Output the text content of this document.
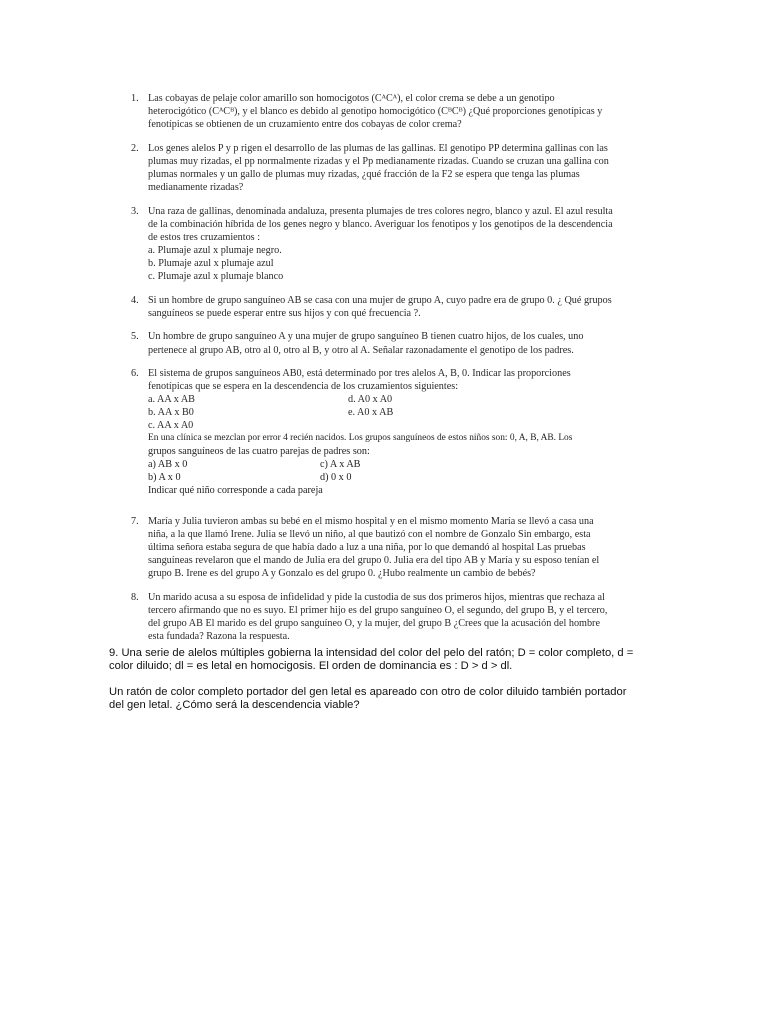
1. Las cobayas de pelaje color amarillo son homocigotos (CᴬCᴬ), el color crema se debe a un genotipo
heterocigótico (CᴬCᴮ), y el blanco es debido al genotipo homocigótico (CᴮCᴮ) ¿Qué proporciones genotípicas y
fenotípicas se obtienen de un cruzamiento entre dos cobayas de color crema?
2. Los genes alelos P y p rigen el desarrollo de las plumas de las gallinas. El genotipo PP determina gallinas con las
plumas muy rizadas, el pp normalmente rizadas y el Pp medianamente rizadas. Cuando se cruzan una gallina con
plumas normales y un gallo de plumas muy rizadas, ¿qué fracción de la F2 se espera que tenga las plumas
medianamente rizadas?
3. Una raza de gallinas, denominada andaluza, presenta plumajes de tres colores negro, blanco y azul. El azul resulta
de la combinación híbrida de los genes negro y blanco. Averiguar los fenotipos y los genotipos de la descendencia
de estos tres cruzamientos :
a. Plumaje azul x plumaje negro.
b. Plumaje azul x plumaje azul
c. Plumaje azul x plumaje blanco
4. Si un hombre de grupo sanguíneo AB se casa con una mujer de grupo A, cuyo padre era de grupo 0. ¿ Qué grupos
sanguíneos se puede esperar entre sus hijos y con qué frecuencia ?.
5. Un hombre de grupo sanguíneo A y una mujer de grupo sanguíneo B tienen cuatro hijos, de los cuales, uno
pertenece al grupo AB, otro al 0, otro al B, y otro al A. Señalar razonadamente el genotipo de los padres.
6. El sistema de grupos sanguíneos AB0, está determinado por tres alelos A, B, 0. Indicar las proporciones
fenotípicas que se espera en la descendencia de los cruzamientos siguientes:
a. AA x AB	d. A0 x A0
b. AA x B0	e. A0 x AB
c. AA x A0
En una clínica se mezclan por error 4 recién nacidos. Los grupos sanguíneos de estos niños son: 0, A, B, AB. Los
grupos sanguíneos de las cuatro parejas de padres son:
a) AB x 0	c) A x AB
b) A x 0	d) 0 x 0
Indicar qué niño corresponde a cada pareja
7. María y Julia tuvieron ambas su bebé en el mismo hospital y en el mismo momento María se llevó a casa una
niña, a la que llamó Irene. Julia se llevó un niño, al que bautizó con el nombre de Gonzalo Sin embargo, esta
última señora estaba segura de que había dado a luz a una niña, por lo que demandó al hospital Las pruebas
sanguíneas revelaron que el mando de Julia era del grupo 0. Julia era del tipo AB y María y su esposo tenían el
grupo B. Irene es del grupo A y Gonzalo es del grupo 0. ¿Hubo realmente un cambio de bebés?
8. Un marido acusa a su esposa de infidelidad y pide la custodia de sus dos primeros hijos, mientras que rechaza al
tercero afirmando que no es suyo. El primer hijo es del grupo sanguíneo O, el segundo, del grupo B, y el tercero,
del grupo AB El marido es del grupo sanguíneo O, y la mujer, del grupo B ¿Crees que la acusación del hombre
esta fundada? Razona la respuesta.

9. Una serie de alelos múltiples gobierna la intensidad del color del pelo del ratón; D = color completo, d =
color diluido; dl = es letal en homocigosis. El orden de dominancia es : D > d > dl.

Un ratón de color completo portador del gen letal es apareado con otro de color diluido también portador
del gen letal. ¿Cómo será la descendencia viable?
